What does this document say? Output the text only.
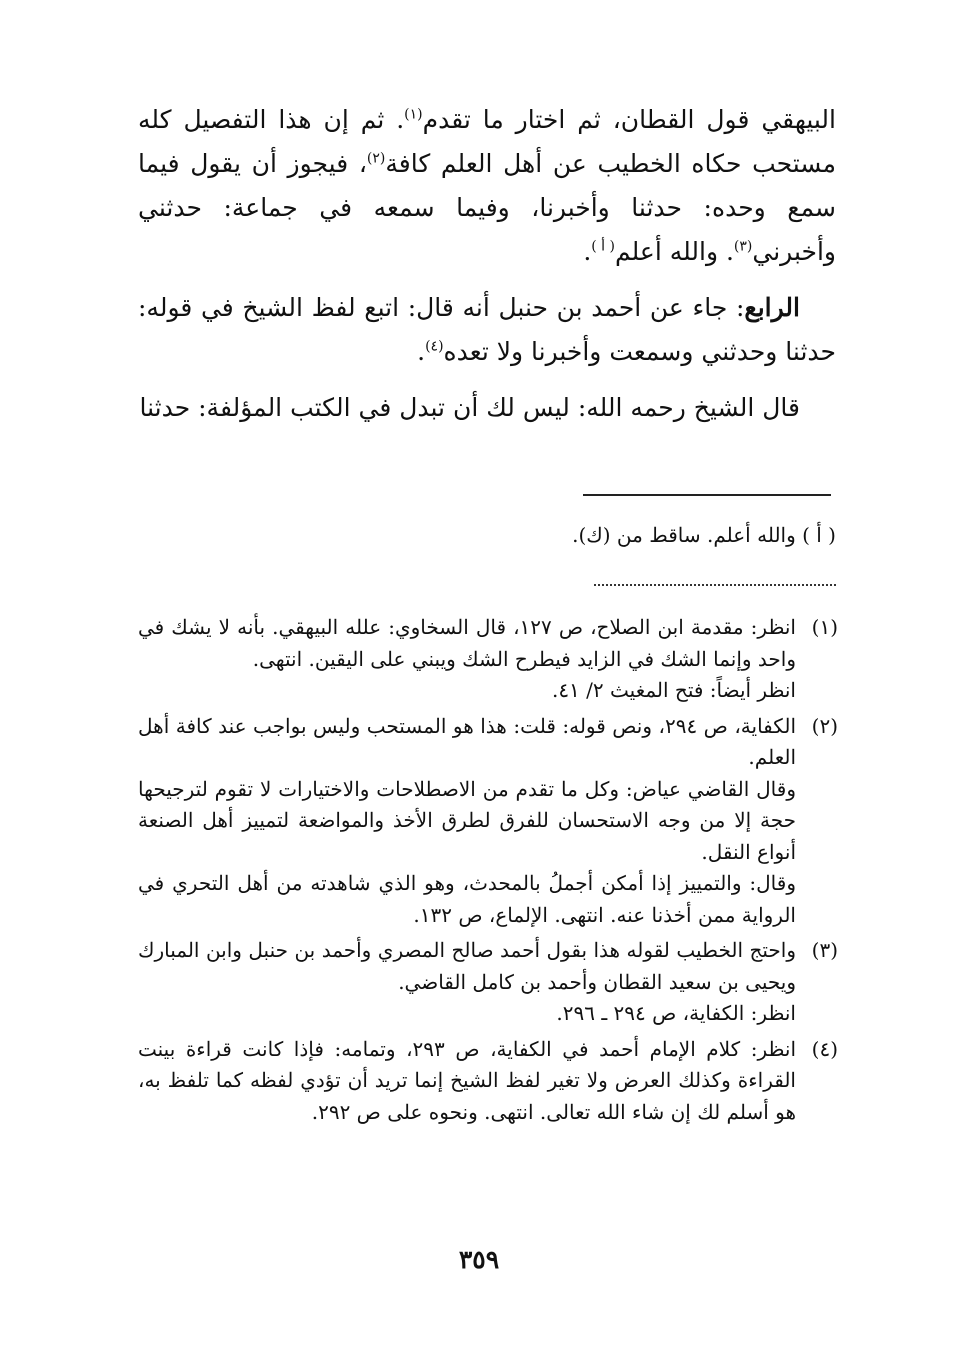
البيهقي قول القطان، ثم اختار ما تقدم$^{(١)}$. ثم إن هذا التفصيل كله مستحب حكاه الخطيب عن أهل العلم كافة$^{(٢)}$، فيجوز أن يقول فيما سمع وحده: حدثنا وأخبرنا، وفيما سمعه في جماعة: حدثني وأخبرني$^{(٣)}$. والله أعلم$^{( أ )}$.

الرابع: جاء عن أحمد بن حنبل أنه قال: اتبع لفظ الشيخ في قوله: حدثنا وحدثني وسمعت وأخبرنا ولا تعده$^{(٤)}$.

قال الشيخ رحمه الله: ليس لك أن تبدل في الكتب المؤلفة: حدثنا

( أ ) والله أعلم. ساقط من (ك).
(١)

انظر: مقدمة ابن الصلاح، ص ١٢٧، قال السخاوي: علله البيهقي. بأنه لا يشك في واحد وإنما الشك في الزايد فيطرح الشك ويبني على اليقين. انتهى.

انظر أيضاً: فتح المغيث ٢/ ٤١.

(٢)

الكفاية، ص ٢٩٤، ونص قوله: قلت: هذا هو المستحب وليس بواجب عند كافة أهل العلم.

وقال القاضي عياض: وكل ما تقدم من الاصطلاحات والاختيارات لا تقوم لترجيحها حجة إلا من وجه الاستحسان للفرق لطرق الأخذ والمواضعة لتمييز أهل الصنعة أنواع النقل.

وقال: والتمييز إذا أمكن أجملُ بالمحدث، وهو الذي شاهدته من أهل التحري في الرواية ممن أخذنا عنه. انتهى. الإلماع، ص ١٣٢.

(٣)

واحتج الخطيب لقوله هذا بقول أحمد صالح المصري وأحمد بن حنبل وابن المبارك ويحيى بن سعيد القطان وأحمد بن كامل القاضي.

انظر: الكفاية، ص ٢٩٤ ـ ٢٩٦.

(٤)

انظر: كلام الإمام أحمد في الكفاية، ص ٢٩٣، وتمامه: فإذا كانت قراءة بينت القراءة وكذلك العرض ولا تغير لفظ الشيخ إنما تريد أن تؤدي لفظه كما تلفظ به، هو أسلم لك إن شاء الله تعالى. انتهى. ونحوه على ص ٢٩٢.

٣٥٩
